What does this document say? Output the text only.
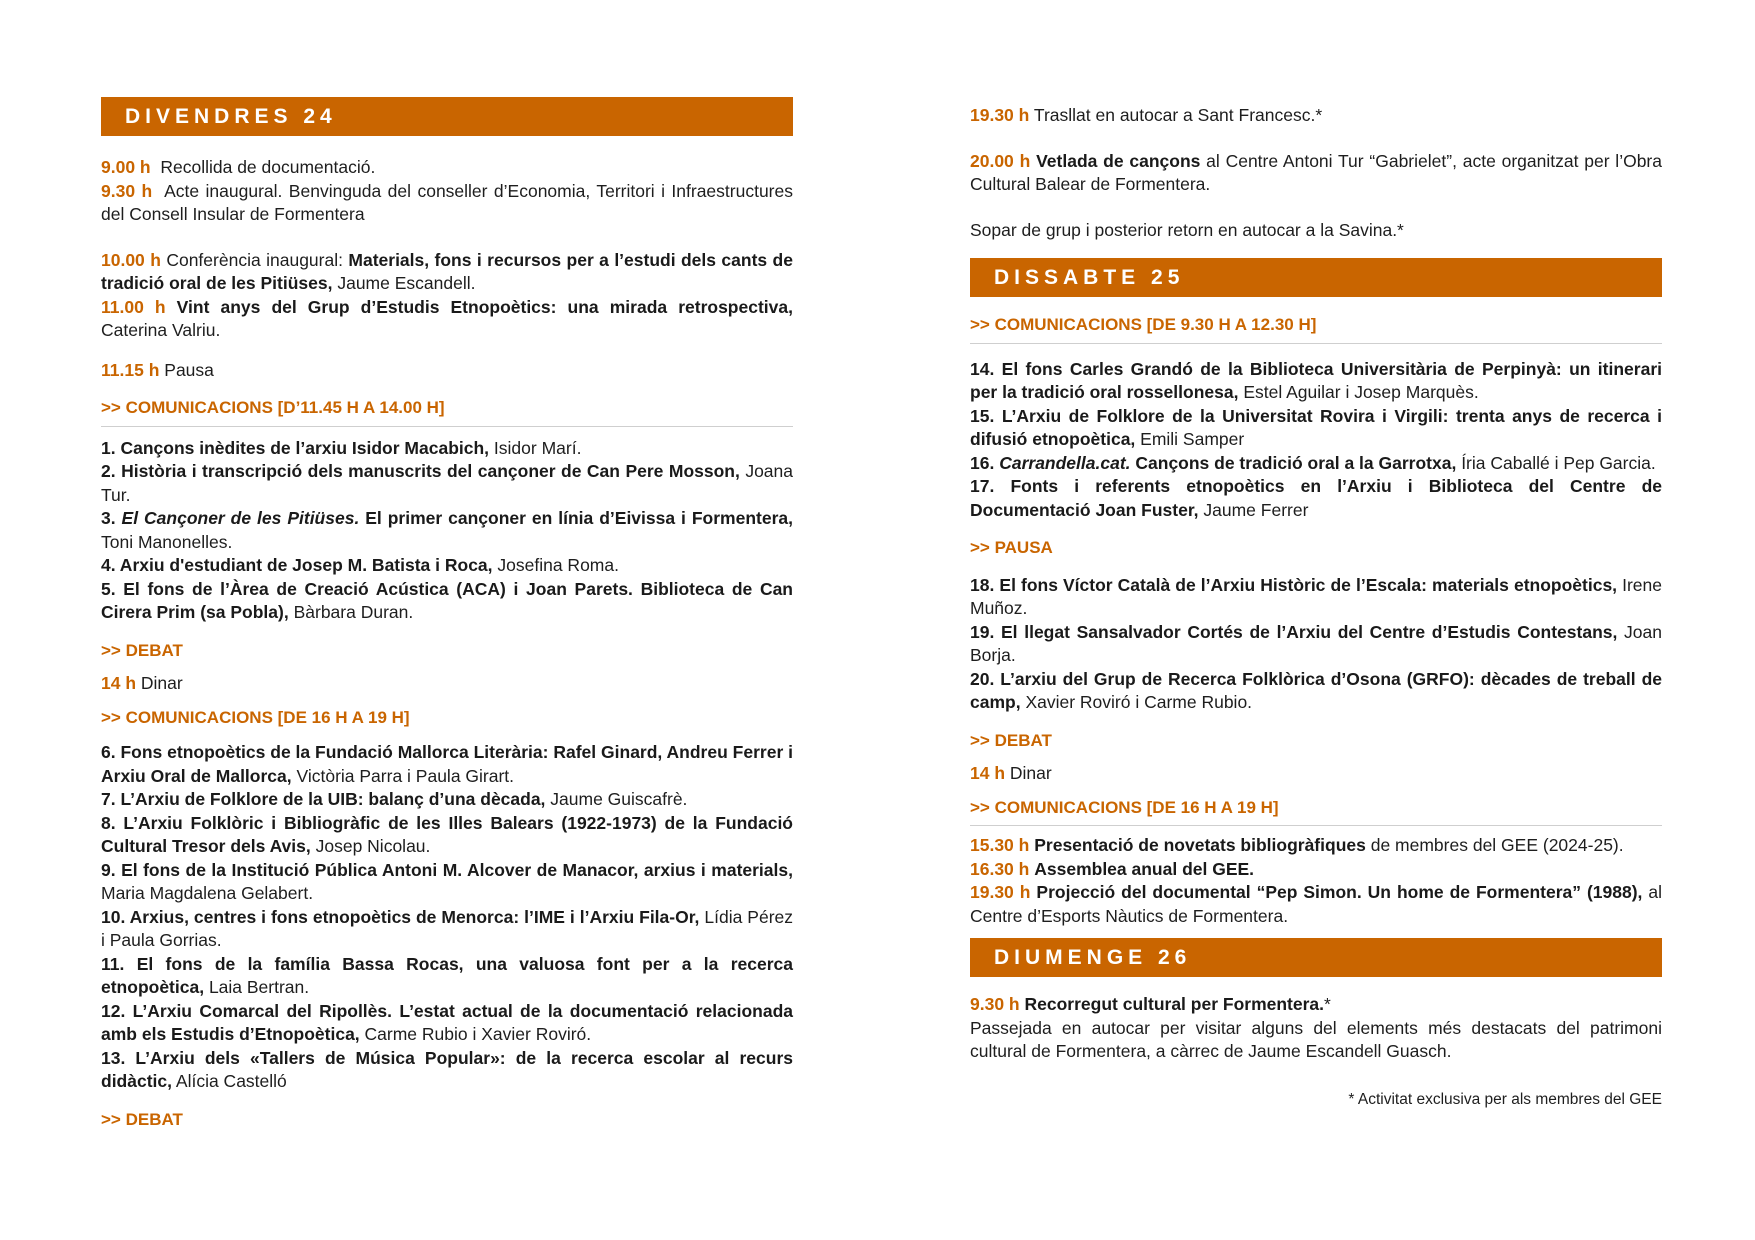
DIVENDRES 24

9.00 h Recollida de documentació.

9.30 h Acte inaugural. Benvinguda del conseller d’Economia, Territori i Infraestructures del Consell Insular de Formentera

10.00 h Conferència inaugural: Materials, fons i recursos per a l’estudi dels cants de tradició oral de les Pitiüses, Jaume Escandell.

11.00 h Vint anys del Grup d’Estudis Etnopoètics: una mirada retrospectiva, Caterina Valriu.

11.15 h Pausa

>> COMUNICACIONS [D’11.45 H A 14.00 H]

1. Cançons inèdites de l’arxiu Isidor Macabich, Isidor Marí.

2. Història i transcripció dels manuscrits del cançoner de Can Pere Mosson, Joana Tur.

3. El Cançoner de les Pitiüses. El primer cançoner en línia d’Eivissa i Formentera, Toni Manonelles.

4. Arxiu d'estudiant de Josep M. Batista i Roca, Josefina Roma.

5. El fons de l’Àrea de Creació Acústica (ACA) i Joan Parets. Biblioteca de Can Cirera Prim (sa Pobla), Bàrbara Duran.

>> DEBAT

14 h Dinar

>> COMUNICACIONS [DE 16 H A 19 H]

6. Fons etnopoètics de la Fundació Mallorca Literària: Rafel Ginard, Andreu Ferrer i Arxiu Oral de Mallorca, Victòria Parra i Paula Girart.

7. L’Arxiu de Folklore de la UIB: balanç d’una dècada, Jaume Guiscafrè.

8. L’Arxiu Folklòric i Bibliogràfic de les Illes Balears (1922-1973) de la Fundació Cultural Tresor dels Avis, Josep Nicolau.

9. El fons de la Institució Pública Antoni M. Alcover de Manacor, arxius i materials, Maria Magdalena Gelabert.

10. Arxius, centres i fons etnopoètics de Menorca: l’IME i l’Arxiu Fila-Or, Lídia Pérez i Paula Gorrias.

11. El fons de la família Bassa Rocas, una valuosa font per a la recerca etnopoètica, Laia Bertran.

12. L’Arxiu Comarcal del Ripollès. L’estat actual de la documentació relacionada amb els Estudis d’Etnopoètica, Carme Rubio i Xavier Roviró.

13. L’Arxiu dels «Tallers de Música Popular»: de la recerca escolar al recurs didàctic, Alícia Castelló

>> DEBAT

19.30 h Trasllat en autocar a Sant Francesc.*

20.00 h Vetlada de cançons al Centre Antoni Tur “Gabrielet”, acte organitzat per l’Obra Cultural Balear de Formentera.

Sopar de grup i posterior retorn en autocar a la Savina.*

DISSABTE 25
>> COMUNICACIONS [DE 9.30 H A 12.30 H]

14. El fons Carles Grandó de la Biblioteca Universitària de Perpinyà: un itinerari per la tradició oral rossellonesa, Estel Aguilar i Josep Marquès.

15. L’Arxiu de Folklore de la Universitat Rovira i Virgili: trenta anys de recerca i difusió etnopoètica, Emili Samper

16. Carrandella.cat. Cançons de tradició oral a la Garrotxa, Íria Caballé i Pep Garcia.

17. Fonts i referents etnopoètics en l’Arxiu i Biblioteca del Centre de Documentació Joan Fuster, Jaume Ferrer

>> PAUSA

18. El fons Víctor Català de l’Arxiu Històric de l’Escala: materials etnopoètics, Irene Muñoz.

19. El llegat Sansalvador Cortés de l’Arxiu del Centre d’Estudis Contestans, Joan Borja.

20. L’arxiu del Grup de Recerca Folklòrica d’Osona (GRFO): dècades de treball de camp, Xavier Roviró i Carme Rubio.

>> DEBAT

14 h Dinar

>> COMUNICACIONS [DE 16 H A 19 H]

15.30 h Presentació de novetats bibliogràfiques de membres del GEE (2024-25).

16.30 h Assemblea anual del GEE.

19.30 h Projecció del documental “Pep Simon. Un home de Formentera” (1988), al Centre d’Esports Nàutics de Formentera.

DIUMENGE 26

9.30 h Recorregut cultural per Formentera.*

Passejada en autocar per visitar alguns del elements més destacats del patrimoni cultural de Formentera, a càrrec de Jaume Escandell Guasch.

* Activitat exclusiva per als membres del GEE
